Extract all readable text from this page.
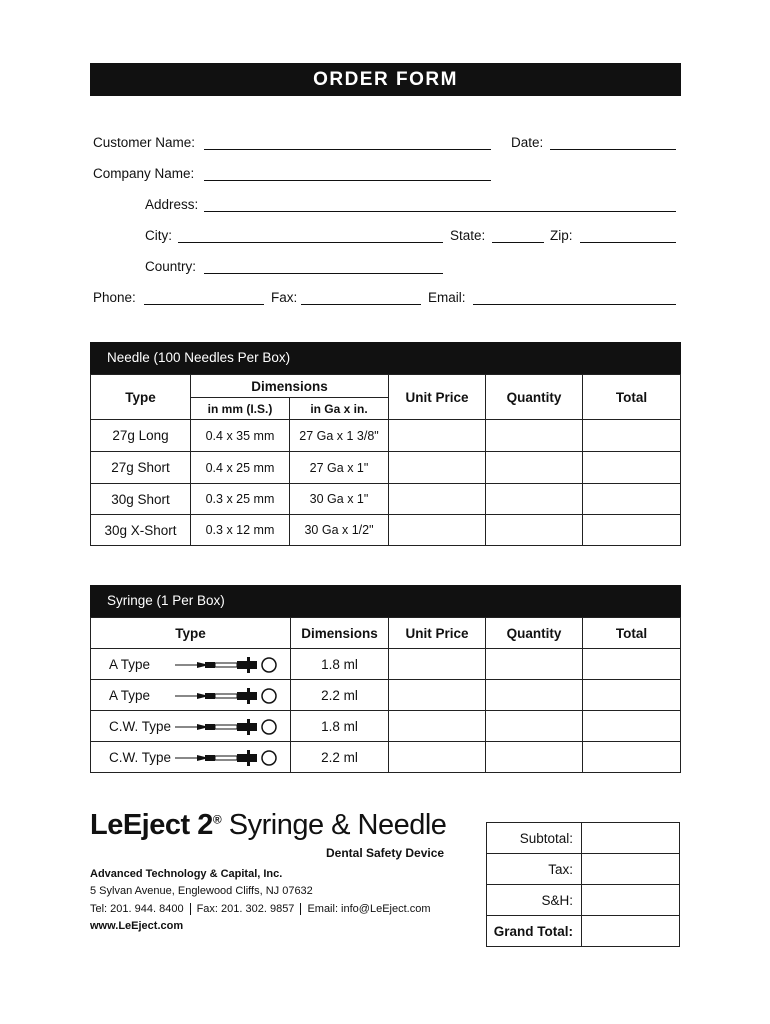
ORDER FORM
Customer Name:	Date:
Company Name:
Address:
City:	State:	Zip:
Country:
Phone:	Fax:	Email:
Needle (100 Needles Per Box)
Type
Dimensions
in mm (I.S.)	in Ga x in.
Unit Price	Quantity	Total
27g Long	0.4 x 35 mm	27 Ga x 1 3/8"
27g Short	0.4 x 25 mm	27 Ga x 1"
30g Short	0.3 x 25 mm	30 Ga x 1"
30g X-Short	0.3 x 12 mm	30 Ga x 1/2"
Syringe (1 Per Box)
Type	Dimensions	Unit Price	Quantity	Total
A Type	1.8 ml
A Type	2.2 ml
C.W. Type	1.8 ml
C.W. Type	2.2 ml
LeEject 2® Syringe & Needle
Dental Safety Device
Advanced Technology & Capital, Inc.
5 Sylvan Avenue, Englewood Cliffs, NJ 07632
Tel: 201. 944. 8400 Fax: 201. 302. 9857 Email: info@LeEject.com
www.LeEject.com
Subtotal:
Tax:
S&H:
Grand Total:
